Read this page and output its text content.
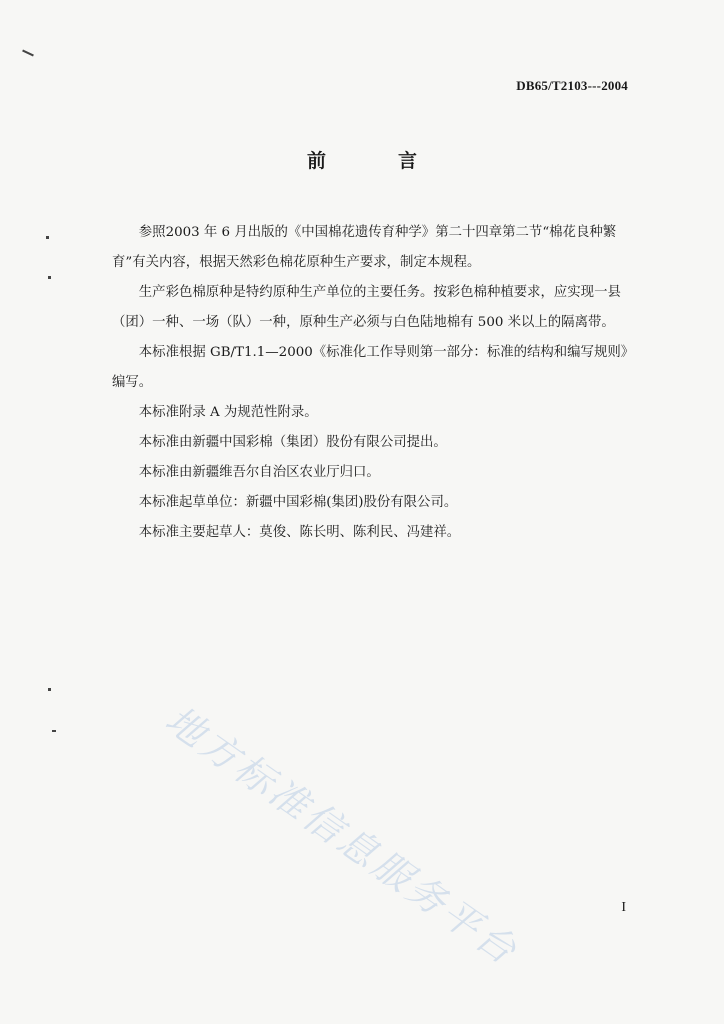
DB65/T2103---2004
前	言

参照2003 年 6 月出版的《中国棉花遗传育种学》第二十四章第二节“棉花良种繁育”有关内容，根据天然彩色棉花原种生产要求，制定本规程。

生产彩色棉原种是特约原种生产单位的主要任务。按彩色棉种植要求，应实现一县（团）一种、一场（队）一种，原种生产必须与白色陆地棉有 500 米以上的隔离带。

本标准根据 GB/T1.1—2000《标准化工作导则第一部分：标准的结构和编写规则》编写。

本标准附录 A 为规范性附录。

本标准由新疆中国彩棉（集团）股份有限公司提出。

本标准由新疆维吾尔自治区农业厅归口。

本标准起草单位：新疆中国彩棉(集团)股份有限公司。

本标准主要起草人：莫俊、陈长明、陈利民、冯建祥。

地方标准信息服务平台	I
